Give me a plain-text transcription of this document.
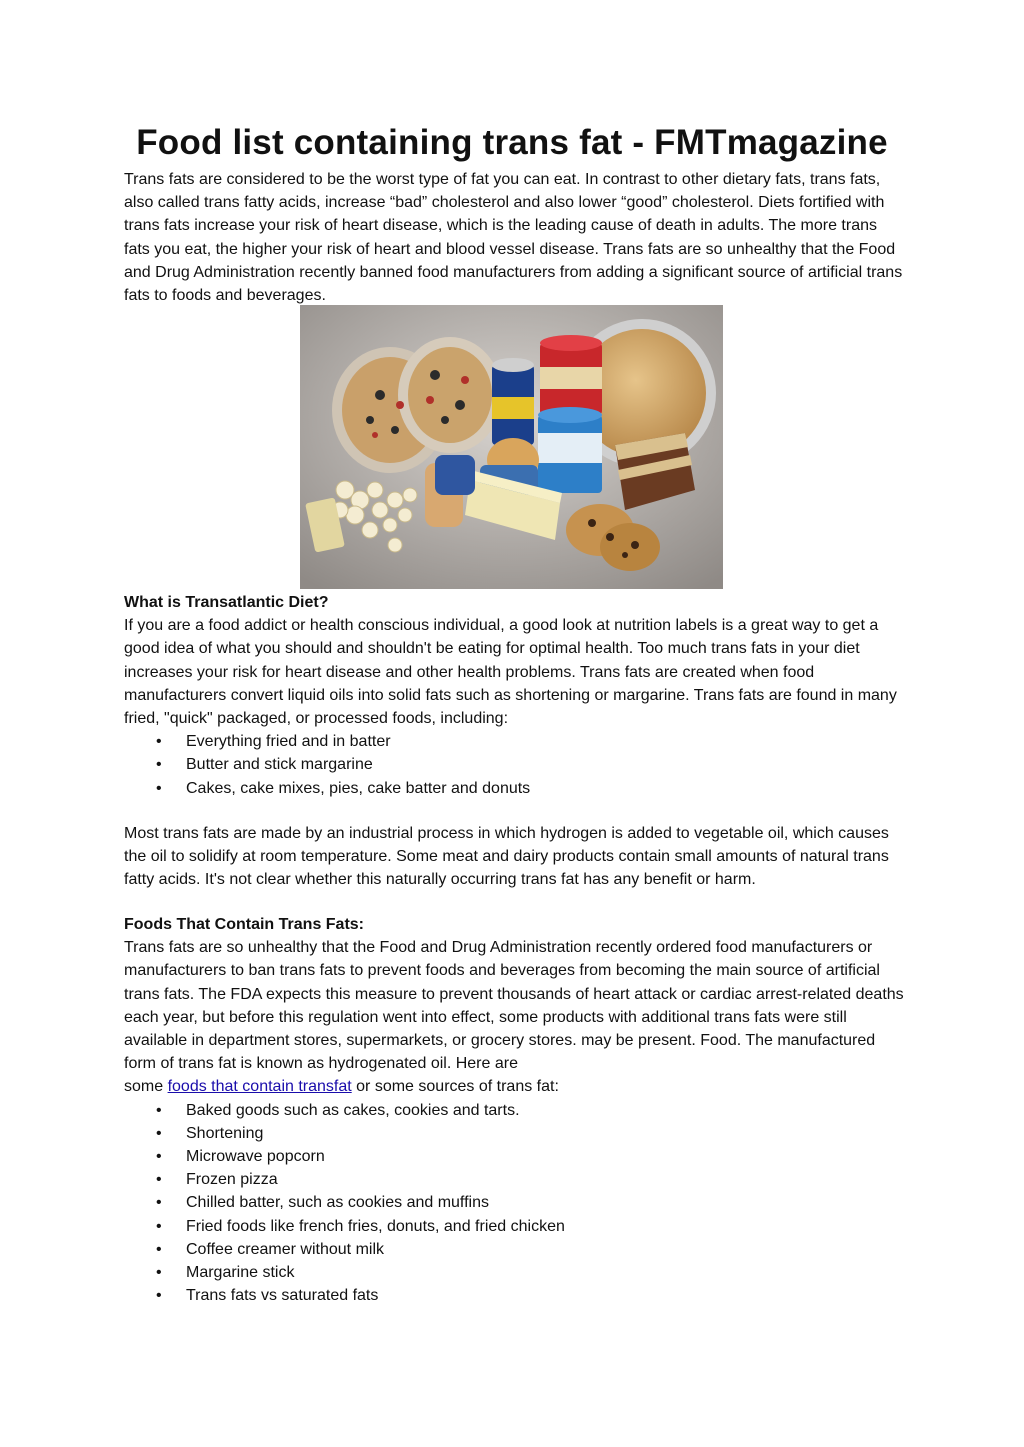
Food list containing trans fat - FMTmagazine

Trans fats are considered to be the worst type of fat you can eat. In contrast to other dietary fats, trans fats, also called trans fatty acids, increase “bad” cholesterol and also lower “good” cholesterol. Diets fortified with trans fats increase your risk of heart disease, which is the leading cause of death in adults. The more trans fats you eat, the higher your risk of heart and blood vessel disease. Trans fats are so unhealthy that the Food and Drug Administration recently banned food manufacturers from adding a significant source of artificial trans fats to foods and beverages.

What is Transatlantic Diet?

If you are a food addict or health conscious individual, a good look at nutrition labels is a great way to get a good idea of what you should and shouldn't be eating for optimal health. Too much trans fats in your diet increases your risk for heart disease and other health problems. Trans fats are created when food manufacturers convert liquid oils into solid fats such as shortening or margarine. Trans fats are found in many fried, "quick" packaged, or processed foods, including:

• Everything fried and in batter
• Butter and stick margarine
• Cakes, cake mixes, pies, cake batter and donuts

Most trans fats are made by an industrial process in which hydrogen is added to vegetable oil, which causes the oil to solidify at room temperature. Some meat and dairy products contain small amounts of natural trans fatty acids. It's not clear whether this naturally occurring trans fat has any benefit or harm.

Foods That Contain Trans Fats:

Trans fats are so unhealthy that the Food and Drug Administration recently ordered food manufacturers or manufacturers to ban trans fats to prevent foods and beverages from becoming the main source of artificial trans fats. The FDA expects this measure to prevent thousands of heart attack or cardiac arrest-related deaths each year, but before this regulation went into effect, some products with additional trans fats were still available in department stores, supermarkets, or grocery stores. may be present. Food. The manufactured form of trans fat is known as hydrogenated oil. Here are

some foods that contain transfat or some sources of trans fat:

• Baked goods such as cakes, cookies and tarts.
• Shortening
• Microwave popcorn
• Frozen pizza
• Chilled batter, such as cookies and muffins
• Fried foods like french fries, donuts, and fried chicken
• Coffee creamer without milk
• Margarine stick
• Trans fats vs saturated fats
